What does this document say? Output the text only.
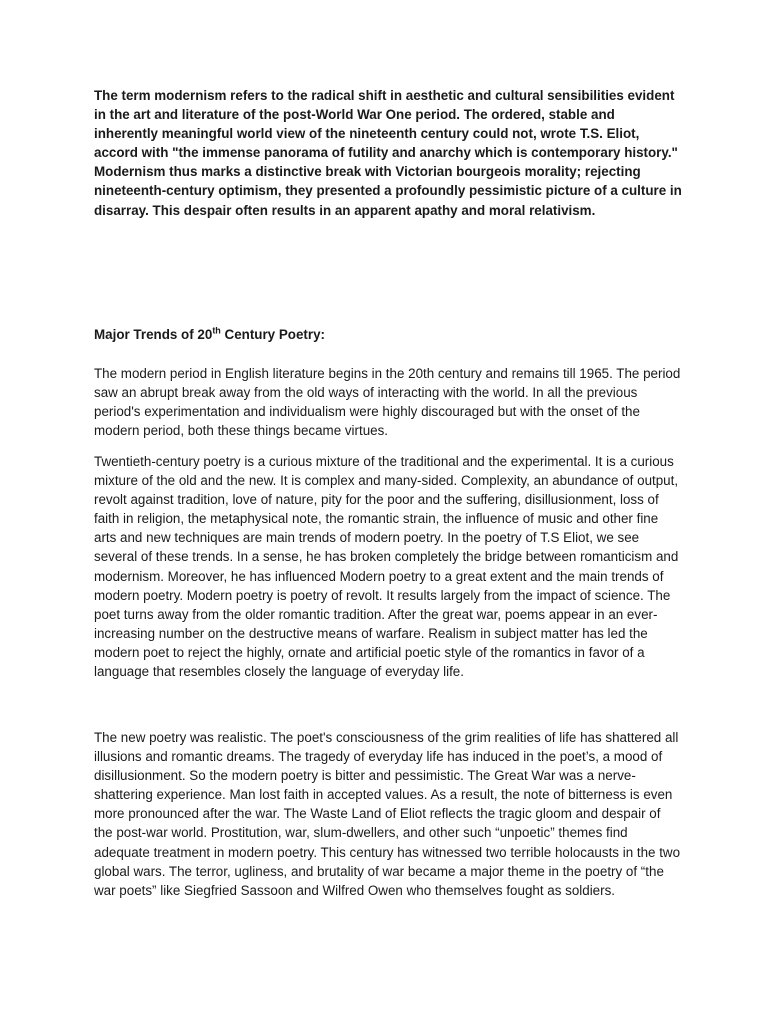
The term modernism refers to the radical shift in aesthetic and cultural sensibilities evident in the art and literature of the post-World War One period. The ordered, stable and inherently meaningful world view of the nineteenth century could not, wrote T.S. Eliot, accord with "the immense panorama of futility and anarchy which is contemporary history." Modernism thus marks a distinctive break with Victorian bourgeois morality; rejecting nineteenth-century optimism, they presented a profoundly pessimistic picture of a culture in disarray. This despair often results in an apparent apathy and moral relativism.

Major Trends of 20th Century Poetry:

The modern period in English literature begins in the 20th century and remains till 1965. The period saw an abrupt break away from the old ways of interacting with the world. In all the previous period's experimentation and individualism were highly discouraged but with the onset of the modern period, both these things became virtues.

Twentieth-century poetry is a curious mixture of the traditional and the experimental. It is a curious mixture of the old and the new. It is complex and many-sided. Complexity, an abundance of output, revolt against tradition, love of nature, pity for the poor and the suffering, disillusionment, loss of faith in religion, the metaphysical note, the romantic strain, the influence of music and other fine arts and new techniques are main trends of modern poetry. In the poetry of T.S Eliot, we see several of these trends. In a sense, he has broken completely the bridge between romanticism and modernism. Moreover, he has influenced Modern poetry to a great extent and the main trends of modern poetry. Modern poetry is poetry of revolt. It results largely from the impact of science. The poet turns away from the older romantic tradition. After the great war, poems appear in an ever-increasing number on the destructive means of warfare. Realism in subject matter has led the modern poet to reject the highly, ornate and artificial poetic style of the romantics in favor of a language that resembles closely the language of everyday life.

The new poetry was realistic. The poet's consciousness of the grim realities of life has shattered all illusions and romantic dreams. The tragedy of everyday life has induced in the poet’s, a mood of disillusionment. So the modern poetry is bitter and pessimistic. The Great War was a nerve-shattering experience. Man lost faith in accepted values. As a result, the note of bitterness is even more pronounced after the war. The Waste Land of Eliot reflects the tragic gloom and despair of the post-war world. Prostitution, war, slum-dwellers, and other such “unpoetic” themes find adequate treatment in modern poetry. This century has witnessed two terrible holocausts in the two global wars. The terror, ugliness, and brutality of war became a major theme in the poetry of “the war poets” like Siegfried Sassoon and Wilfred Owen who themselves fought as soldiers.
